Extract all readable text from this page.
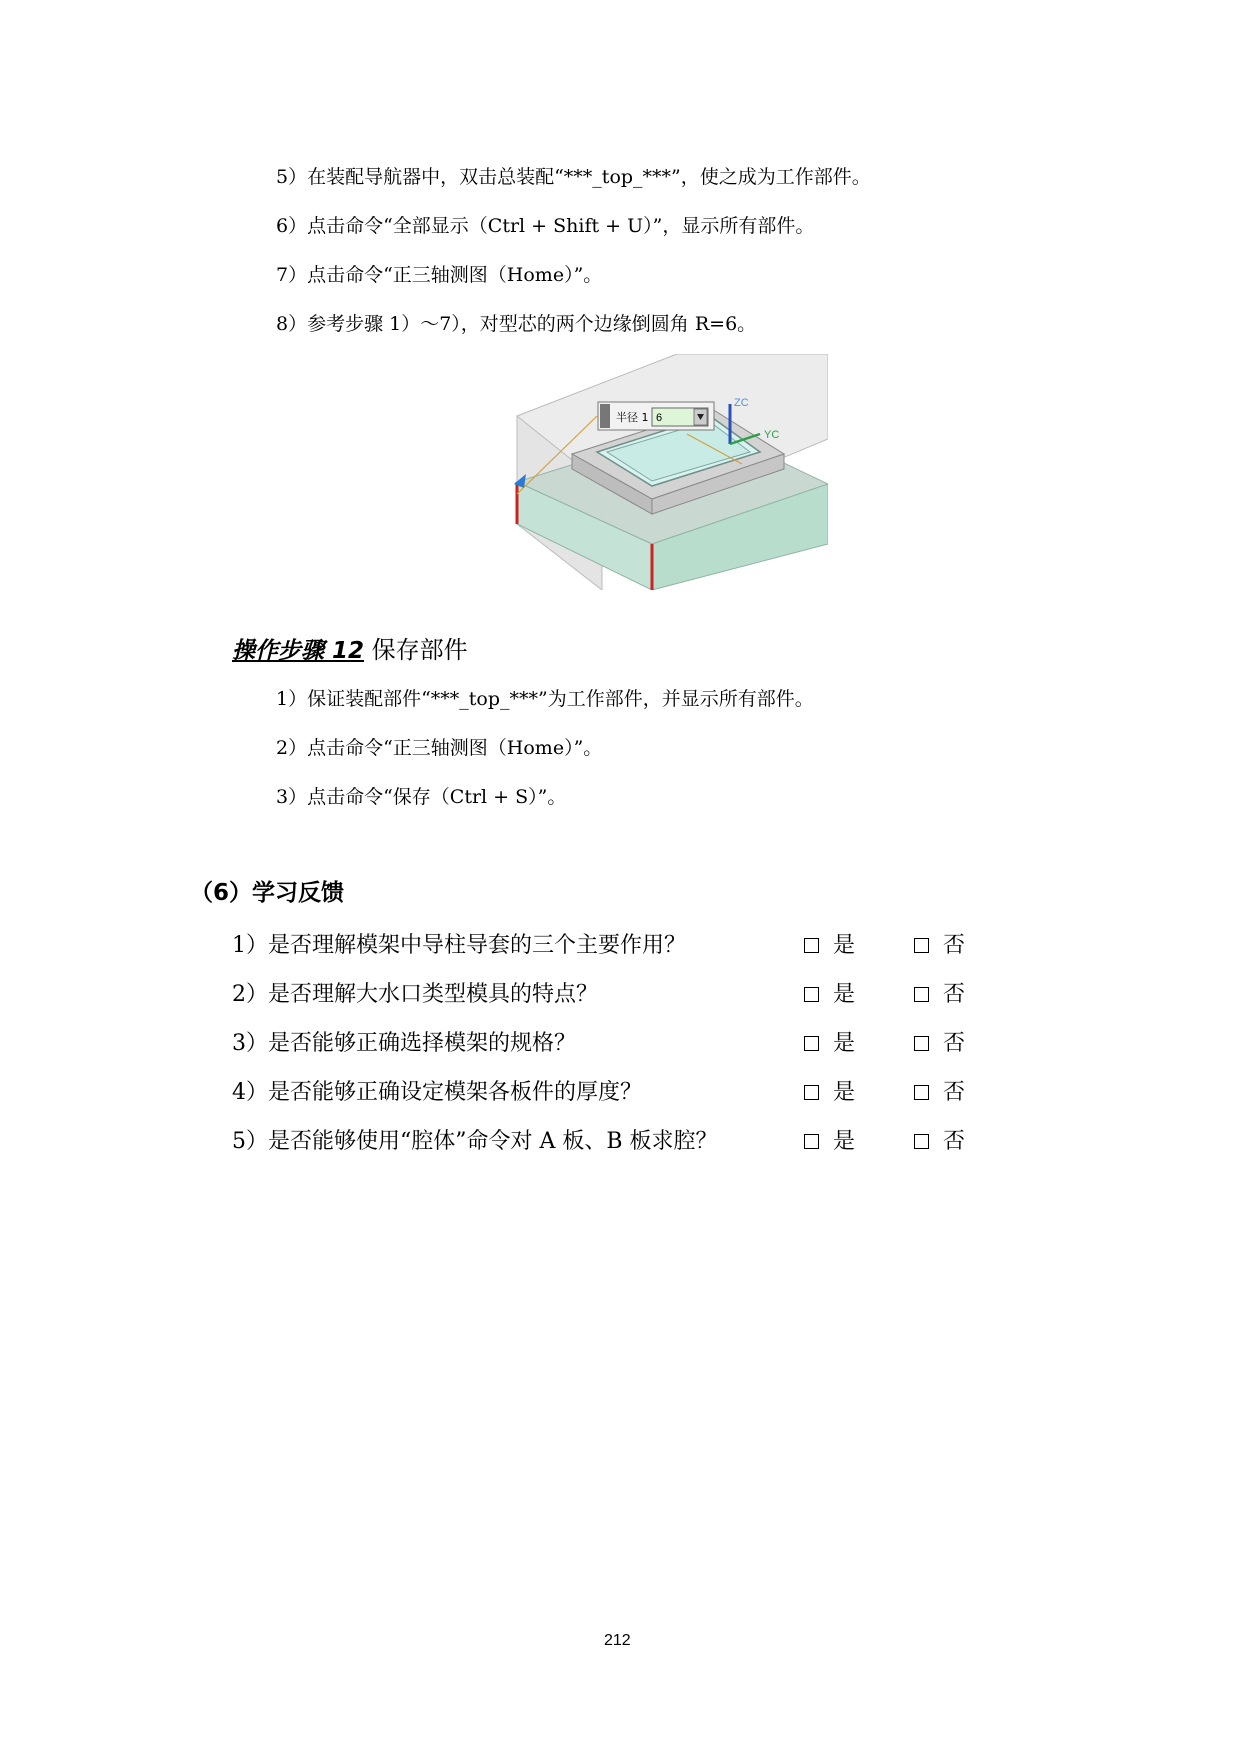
5）在装配导航器中，双击总装配“***_top_***”，使之成为工作部件。
6）点击命令“全部显示（Ctrl + Shift + U）”，显示所有部件。
7）点击命令“正三轴测图（Home）”。
8）参考步骤 1）～7），对型芯的两个边缘倒圆角 R=6。
ZC
YC
半径 1 6
操作步骤 12 保存部件
1）保证装配部件“***_top_***”为工作部件，并显示所有部件。
2）点击命令“正三轴测图（Home）”。
3）点击命令“保存（Ctrl + S）”。
（6）学习反馈
1）是否理解模架中导柱导套的三个主要作用？	是	否
2）是否理解大水口类型模具的特点？	是	否
3）是否能够正确选择模架的规格？	是	否
4）是否能够正确设定模架各板件的厚度？	是	否
5）是否能够使用“腔体”命令对 A 板、B 板求腔？	是	否
212
